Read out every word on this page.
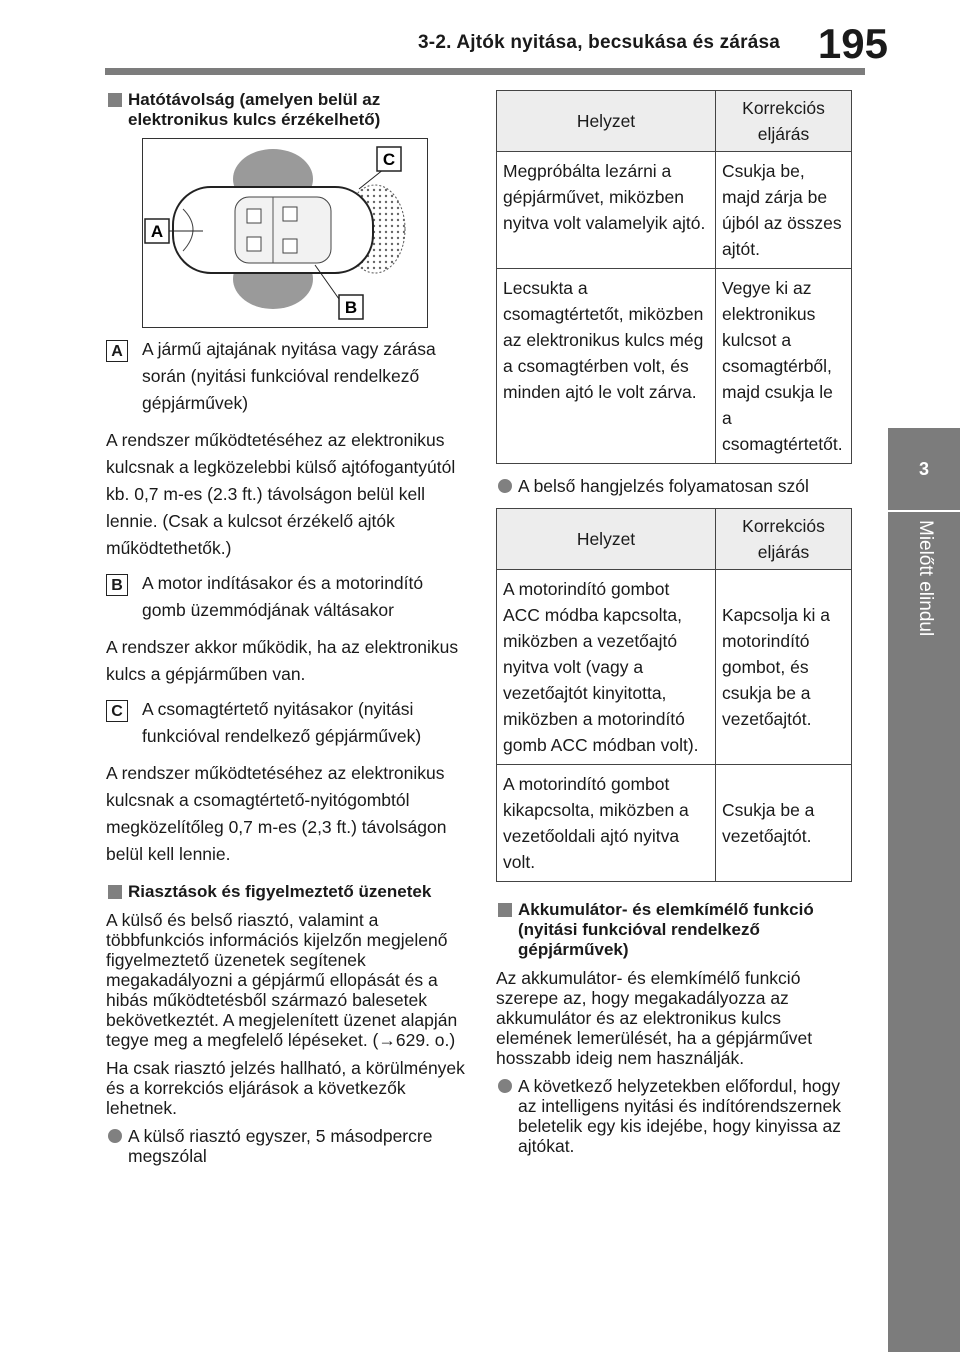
3-2. Ajtók nyitása, becsukása és zárása 195
3
Mielőtt elindul
Hatótávolság (amelyen belül az elektronikus kulcs érzékelhető)
A
C
B
A A jármű ajtajának nyitása vagy zárása során (nyitási funkcióval rendelkező gépjárművek)

A rendszer működtetéséhez az elektronikus kulcsnak a legközelebbi külső ajtófogantyútól kb. 0,7 m-es (2.3 ft.) távolságon belül kell lennie. (Csak a kulcsot érzékelő ajtók működtethetők.)

B A motor indításakor és a motorindító gomb üzemmódjának váltásakor

A rendszer akkor működik, ha az elektronikus kulcs a gépjárműben van.

C A csomagtértető nyitásakor (nyitási funkcióval rendelkező gépjárművek)

A rendszer működtetéséhez az elektronikus kulcsnak a csomagtértető-nyitógombtól megközelítőleg 0,7 m-es (2,3 ft.) távolságon belül kell lennie.

Riasztások és figyelmeztető üzenetek

A külső és belső riasztó, valamint a többfunkciós információs kijelzőn megjelenő figyelmeztető üzenetek segítenek megakadályozni a gépjármű ellopását és a hibás működtetésből származó balesetek bekövetkeztét. A megjelenített üzenet alapján tegye meg a megfelelő lépéseket. (→629. o.)

Ha csak riasztó jelzés hallható, a körülmények és a korrekciós eljárások a következők lehetnek.

A külső riasztó egyszer, 5 másodpercre megszólal
Helyzet	Korrekciós eljárás
Megpróbálta lezárni a gépjárművet, miközben nyitva volt valamelyik ajtó.	Csukja be, majd zárja be újból az összes ajtót.
Lecsukta a csomagtértetőt, miközben az elektronikus kulcs még a csomagtérben volt, és minden ajtó le volt zárva.	Vegye ki az elektronikus kulcsot a csomagtérből, majd csukja le a csomagtértetőt.
A belső hangjelzés folyamatosan szól
Helyzet	Korrekciós eljárás
A motorindító gombot ACC módba kapcsolta, miközben a vezetőajtó nyitva volt (vagy a vezetőajtót kinyitotta, miközben a motorindító gomb ACC módban volt).	Kapcsolja ki a motorindító gombot, és csukja be a vezetőajtót.
A motorindító gombot kikapcsolta, miközben a vezetőoldali ajtó nyitva volt.	Csukja be a vezetőajtót.
Akkumulátor- és elemkímélő funkció (nyitási funkcióval rendelkező gépjárművek)

Az akkumulátor- és elemkímélő funkció szerepe az, hogy megakadályozza az akkumulátor és az elektronikus kulcs elemének lemerülését, ha a gépjárművet hosszabb ideig nem használják.

A következő helyzetekben előfordul, hogy az intelligens nyitási és indítórendszernek beletelik egy kis idejébe, hogy kinyissa az ajtókat.
